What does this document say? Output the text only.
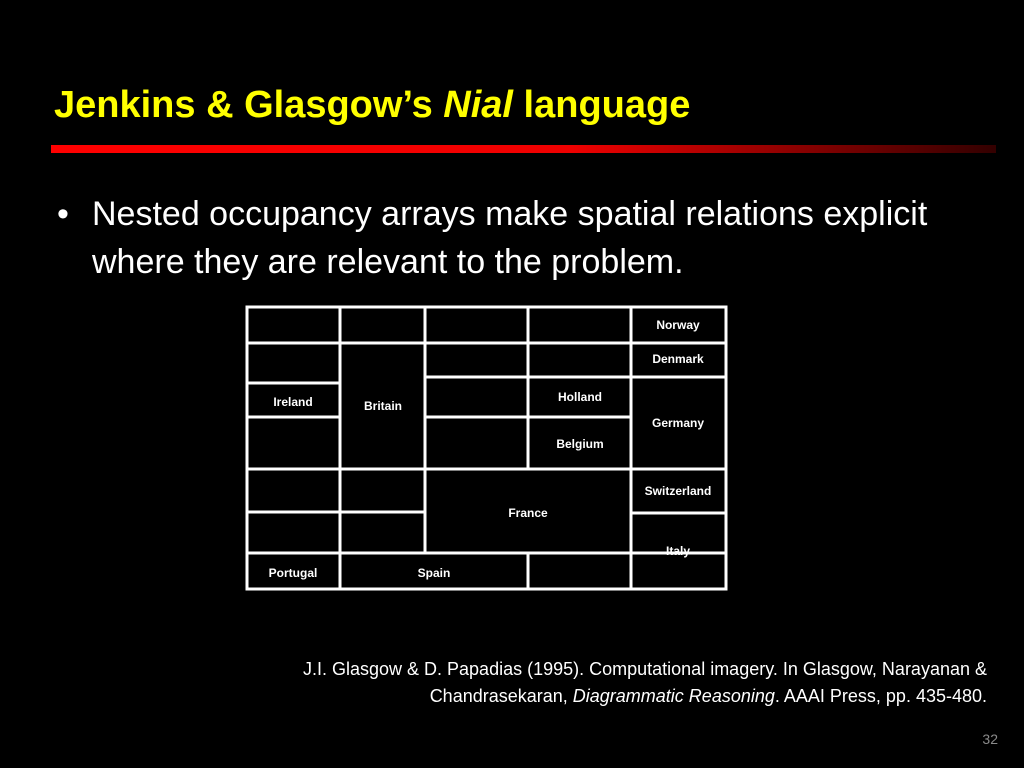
Jenkins & Glasgow’s Nial language
• Nested occupancy arrays make spatial relations explicit where they are relevant to the problem.
Norway
Denmark
Ireland	Britain
Holland
Germany
Belgium
Switzerland
France
Italy
Portugal	Spain
J.I. Glasgow & D. Papadias (1995). Computational imagery. In Glasgow, Narayanan &
Chandrasekaran, Diagrammatic Reasoning. AAAI Press, pp. 435-480.
32
